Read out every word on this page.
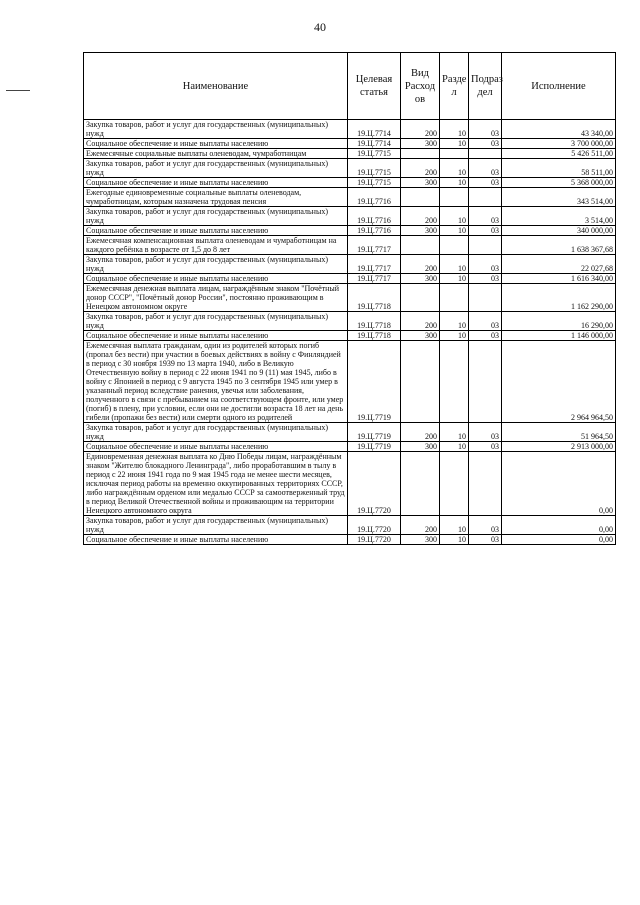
40
Наименование	Целевая статья	Вид Расход ов	Разде л	Подраз дел	Исполнение
Закупка товаров, работ и услуг для государственных (муниципальных) нужд	19.Ц.7714	200	10	03	43 340,00
Социальное обеспечение и иные выплаты населению	19.Ц.7714	300	10	03	3 700 000,00
Ежемесячные социальные выплаты оленеводам, чумработницам	19.Ц.7715				5 426 511,00
Закупка товаров, работ и услуг для государственных (муниципальных) нужд	19.Ц.7715	200	10	03	58 511,00
Социальное обеспечение и иные выплаты населению	19.Ц.7715	300	10	03	5 368 000,00
Ежегодные единовременные социальные выплаты оленеводам, чумработницам, которым назначена трудовая пенсия	19.Ц.7716				343 514,00
Закупка товаров, работ и услуг для государственных (муниципальных) нужд	19.Ц.7716	200	10	03	3 514,00
Социальное обеспечение и иные выплаты населению	19.Ц.7716	300	10	03	340 000,00
Ежемесячная компенсационная выплата оленеводам и чумработницам на каждого ребёнка в возрасте от 1,5 до 8 лет	19.Ц.7717				1 638 367,68
Закупка товаров, работ и услуг для государственных (муниципальных) нужд	19.Ц.7717	200	10	03	22 027,68
Социальное обеспечение и иные выплаты населению	19.Ц.7717	300	10	03	1 616 340,00
Ежемесячная денежная выплата лицам, награждённым знаком "Почётный донор СССР", "Почётный донор России", постоянно проживающим в Ненецком автономном округе	19.Ц.7718				1 162 290,00
Закупка товаров, работ и услуг для государственных (муниципальных) нужд	19.Ц.7718	200	10	03	16 290,00
Социальное обеспечение и иные выплаты населению	19.Ц.7718	300	10	03	1 146 000,00
Ежемесячная выплата гражданам, один из родителей которых погиб (пропал без вести) при участии в боевых действиях в войну с Финляндией в период с 30 ноября 1939 по 13 марта 1940, либо в Великую Отечественную войну в период с 22 июня 1941 по 9 (11) мая 1945, либо в войну с Японией в период с 9 августа 1945 по 3 сентября 1945 или умер в указанный период вследствие ранения, увечья или заболевания, полученного в связи с пребыванием на соответствующем фронте, или умер (погиб) в плену, при условии, если они не достигли возраста 18 лет на день гибели (пропажи без вести) или смерти одного из родителей	19.Ц.7719				2 964 964,50
Закупка товаров, работ и услуг для государственных (муниципальных) нужд	19.Ц.7719	200	10	03	51 964,50
Социальное обеспечение и иные выплаты населению	19.Ц.7719	300	10	03	2 913 000,00
Единовременная денежная выплата ко Дню Победы лицам, награждённым знаком "Жителю блокадного Ленинграда", либо проработавшим в тылу в период с 22 июня 1941 года по 9 мая 1945 года не менее шести месяцев, исключая период работы на временно оккупированных территориях СССР, либо награждённым орденом или медалью СССР за самоотверженный труд в период Великой Отечественной войны и проживающим на территории Ненецкого автономного округа	19.Ц.7720				0,00
Закупка товаров, работ и услуг для государственных (муниципальных) нужд	19.Ц.7720	200	10	03	0,00
Социальное обеспечение и иные выплаты населению	19.Ц.7720	300	10	03	0,00
